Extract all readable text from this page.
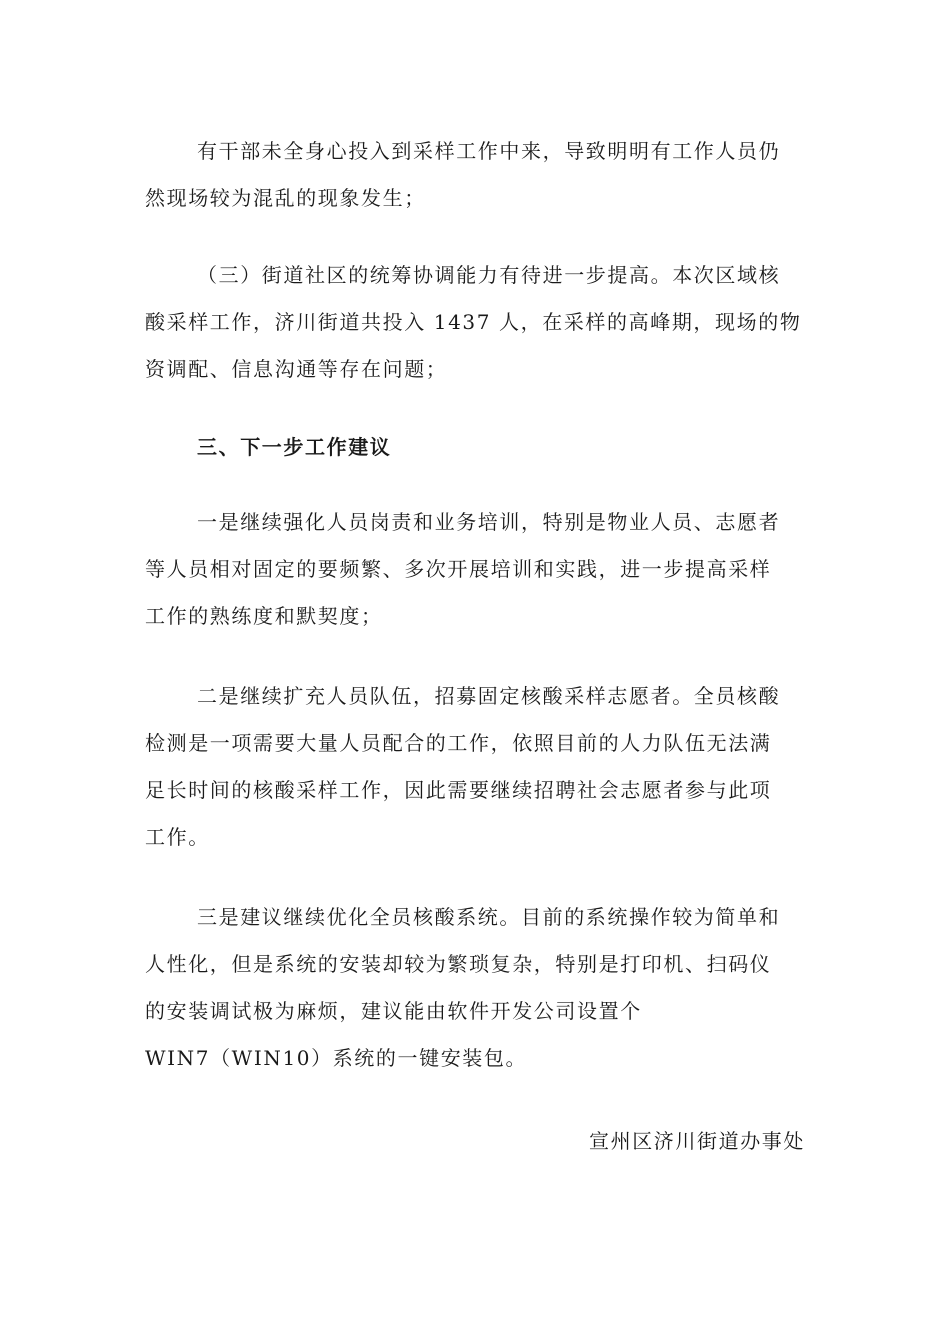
有干部未全身心投入到采样工作中来，导致明明有工作人员仍
然现场较为混乱的现象发生；

（三）街道社区的统筹协调能力有待进一步提高。本次区域核
酸采样工作，济川街道共投入 1437 人，在采样的高峰期，现场的物
资调配、信息沟通等存在问题；

三、下一步工作建议

一是继续强化人员岗责和业务培训，特别是物业人员、志愿者
等人员相对固定的要频繁、多次开展培训和实践，进一步提高采样
工作的熟练度和默契度；

二是继续扩充人员队伍，招募固定核酸采样志愿者。全员核酸
检测是一项需要大量人员配合的工作，依照目前的人力队伍无法满
足长时间的核酸采样工作，因此需要继续招聘社会志愿者参与此项
工作。

三是建议继续优化全员核酸系统。目前的系统操作较为简单和
人性化，但是系统的安装却较为繁琐复杂，特别是打印机、扫码仪
的安装调试极为麻烦，建议能由软件开发公司设置个
WIN7（WIN10）系统的一键安装包。

宣州区济川街道办事处
